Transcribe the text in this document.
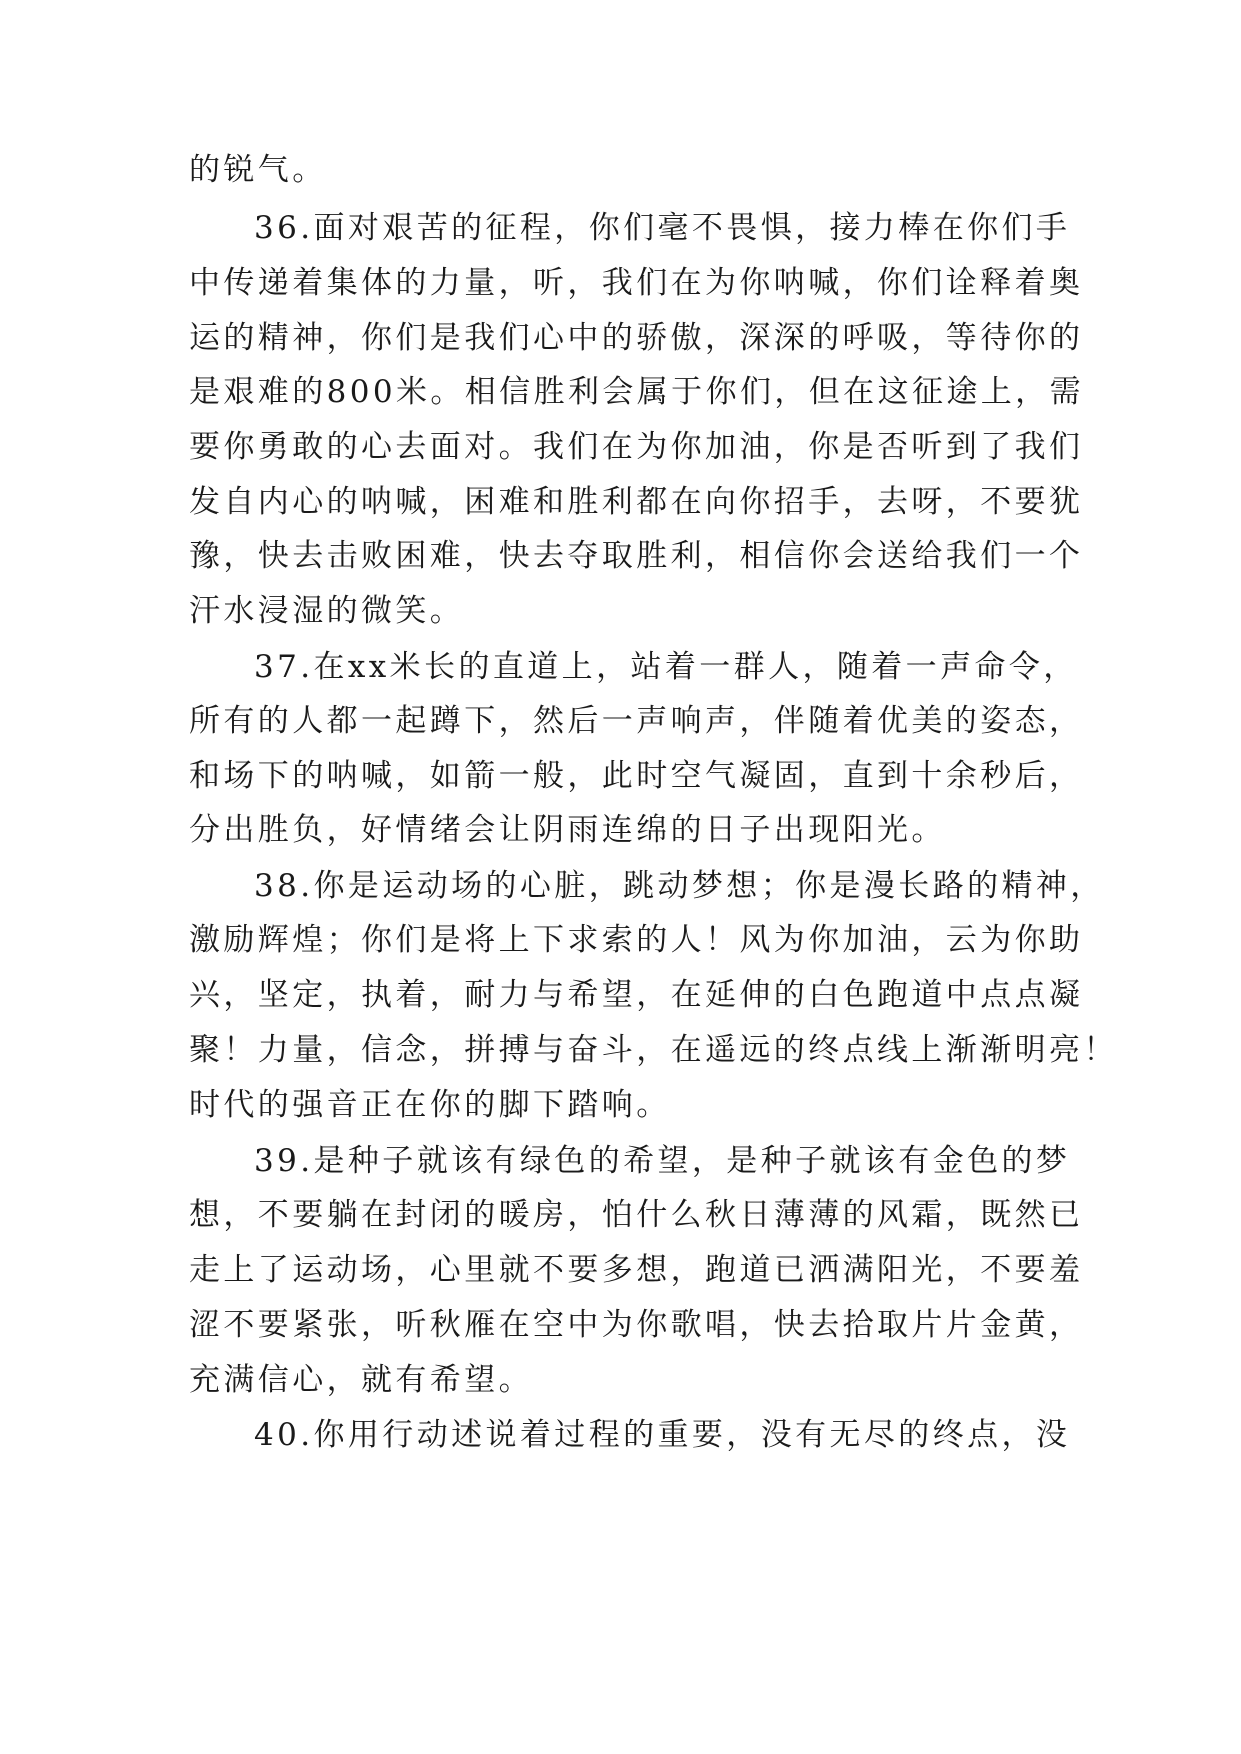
的锐气。
36.面对艰苦的征程，你们毫不畏惧，接力棒在你们手
中传递着集体的力量，听，我们在为你呐喊，你们诠释着奥
运的精神，你们是我们心中的骄傲，深深的呼吸，等待你的
是艰难的800米。相信胜利会属于你们，但在这征途上，需
要你勇敢的心去面对。我们在为你加油，你是否听到了我们
发自内心的呐喊，困难和胜利都在向你招手，去呀，不要犹
豫，快去击败困难，快去夺取胜利，相信你会送给我们一个
汗水浸湿的微笑。
37.在xx米长的直道上，站着一群人，随着一声命令，
所有的人都一起蹲下，然后一声响声，伴随着优美的姿态，
和场下的呐喊，如箭一般，此时空气凝固，直到十余秒后，
分出胜负，好情绪会让阴雨连绵的日子出现阳光。
38.你是运动场的心脏，跳动梦想；你是漫长路的精神，
激励辉煌；你们是将上下求索的人！风为你加油，云为你助
兴，坚定，执着，耐力与希望，在延伸的白色跑道中点点凝
聚！力量，信念，拼搏与奋斗，在遥远的终点线上渐渐明亮！
时代的强音正在你的脚下踏响。
39.是种子就该有绿色的希望，是种子就该有金色的梦
想，不要躺在封闭的暖房，怕什么秋日薄薄的风霜，既然已
走上了运动场，心里就不要多想，跑道已洒满阳光，不要羞
涩不要紧张，听秋雁在空中为你歌唱，快去拾取片片金黄，
充满信心，就有希望。
40.你用行动述说着过程的重要，没有无尽的终点，没
